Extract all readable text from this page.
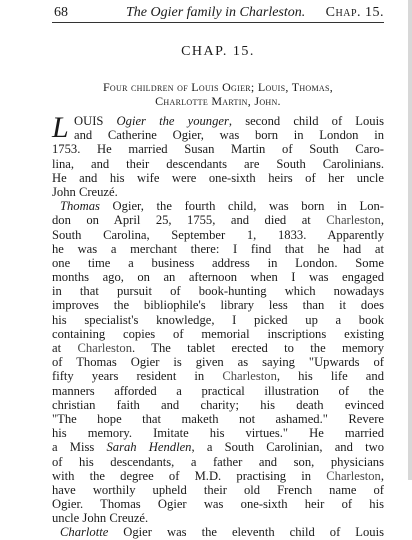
68	The Ogier family in Charleston. Chap. 15.
CHAP. 15.
Four children of Louis Ogier; Louis, Thomas,
Charlotte Martin, John.
L OUIS Ogier the younger, second child of Louis
and Catherine Ogier, was born in London in
1753. He married Susan Martin of South Caro-
lina, and their descendants are South Carolinians.
He and his wife were one-sixth heirs of her uncle
John Creuzé.
Thomas Ogier, the fourth child, was born in Lon-
don on April 25, 1755, and died at Charleston,
South Carolina, September 1, 1833. Apparently
he was a merchant there: I find that he had at
one time a business address in London. Some
months ago, on an afternoon when I was engaged
in that pursuit of book-hunting which nowadays
improves the bibliophile's library less than it does
his specialist's knowledge, I picked up a book
containing copies of memorial inscriptions existing
at Charleston. The tablet erected to the memory
of Thomas Ogier is given as saying "Upwards of
fifty years resident in Charleston, his life and
manners afforded a practical illustration of the
christian faith and charity; his death evinced
"The hope that maketh not ashamed." Revere
his memory. Imitate his virtues." He married
a Miss Sarah Hendlen, a South Carolinian, and two
of his descendants, a father and son, physicians
with the degree of M.D. practising in Charleston,
have worthily upheld their old French name of
Ogier. Thomas Ogier was one-sixth heir of his
uncle John Creuzé.
Charlotte Ogier was the eleventh child of Louis
